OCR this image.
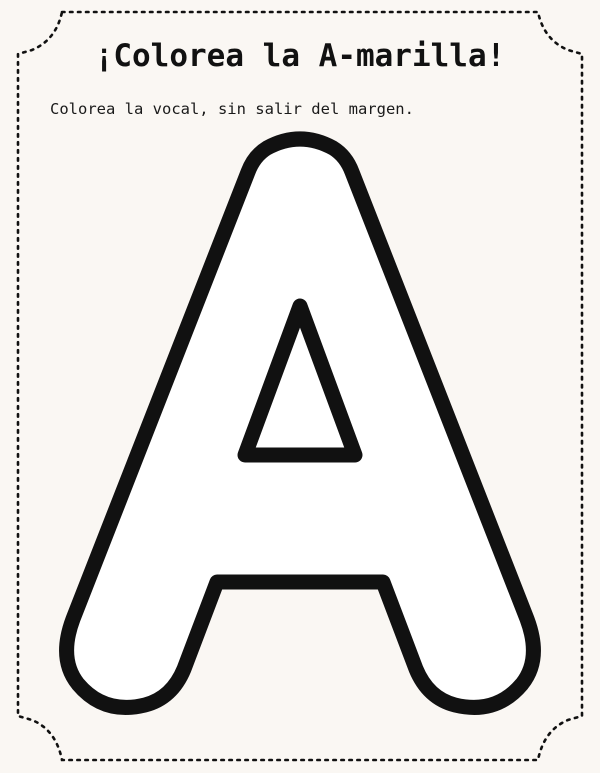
¡Colorea la A-marilla!
Colorea la vocal, sin salir del margen.
